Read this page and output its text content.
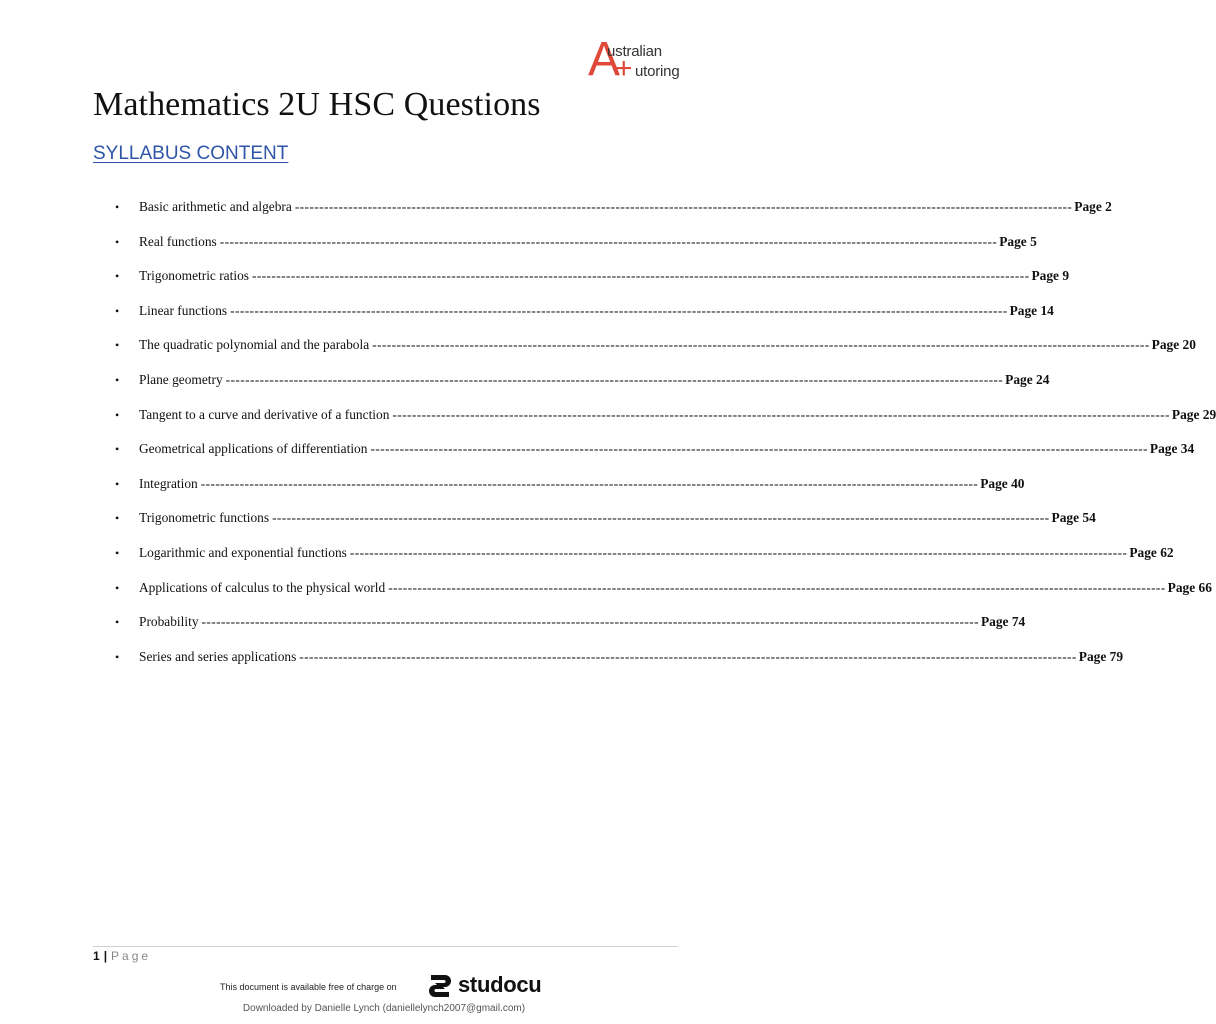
A
+
ustralian
utoring
Mathematics 2U HSC Questions
SYLLABUS CONTENT
• Basic arithmetic and algebra ---------------------------------------------------------------------------------------------------------------------------------------------------------------- Page 2
• Real functions ---------------------------------------------------------------------------------------------------------------------------------------------------------------- Page 5
• Trigonometric ratios ---------------------------------------------------------------------------------------------------------------------------------------------------------------- Page 9
• Linear functions ---------------------------------------------------------------------------------------------------------------------------------------------------------------- Page 14
• The quadratic polynomial and the parabola ---------------------------------------------------------------------------------------------------------------------------------------------------------------- Page 20
• Plane geometry ---------------------------------------------------------------------------------------------------------------------------------------------------------------- Page 24
• Tangent to a curve and derivative of a function ---------------------------------------------------------------------------------------------------------------------------------------------------------------- Page 29
• Geometrical applications of differentiation ---------------------------------------------------------------------------------------------------------------------------------------------------------------- Page 34
• Integration ---------------------------------------------------------------------------------------------------------------------------------------------------------------- Page 40
• Trigonometric functions ---------------------------------------------------------------------------------------------------------------------------------------------------------------- Page 54
• Logarithmic and exponential functions ---------------------------------------------------------------------------------------------------------------------------------------------------------------- Page 62
• Applications of calculus to the physical world ---------------------------------------------------------------------------------------------------------------------------------------------------------------- Page 66
• Probability ---------------------------------------------------------------------------------------------------------------------------------------------------------------- Page 74
• Series and series applications ---------------------------------------------------------------------------------------------------------------------------------------------------------------- Page 79
1 | Page
This document is available free of charge on	studocu
Downloaded by Danielle Lynch (daniellelynch2007@gmail.com)
